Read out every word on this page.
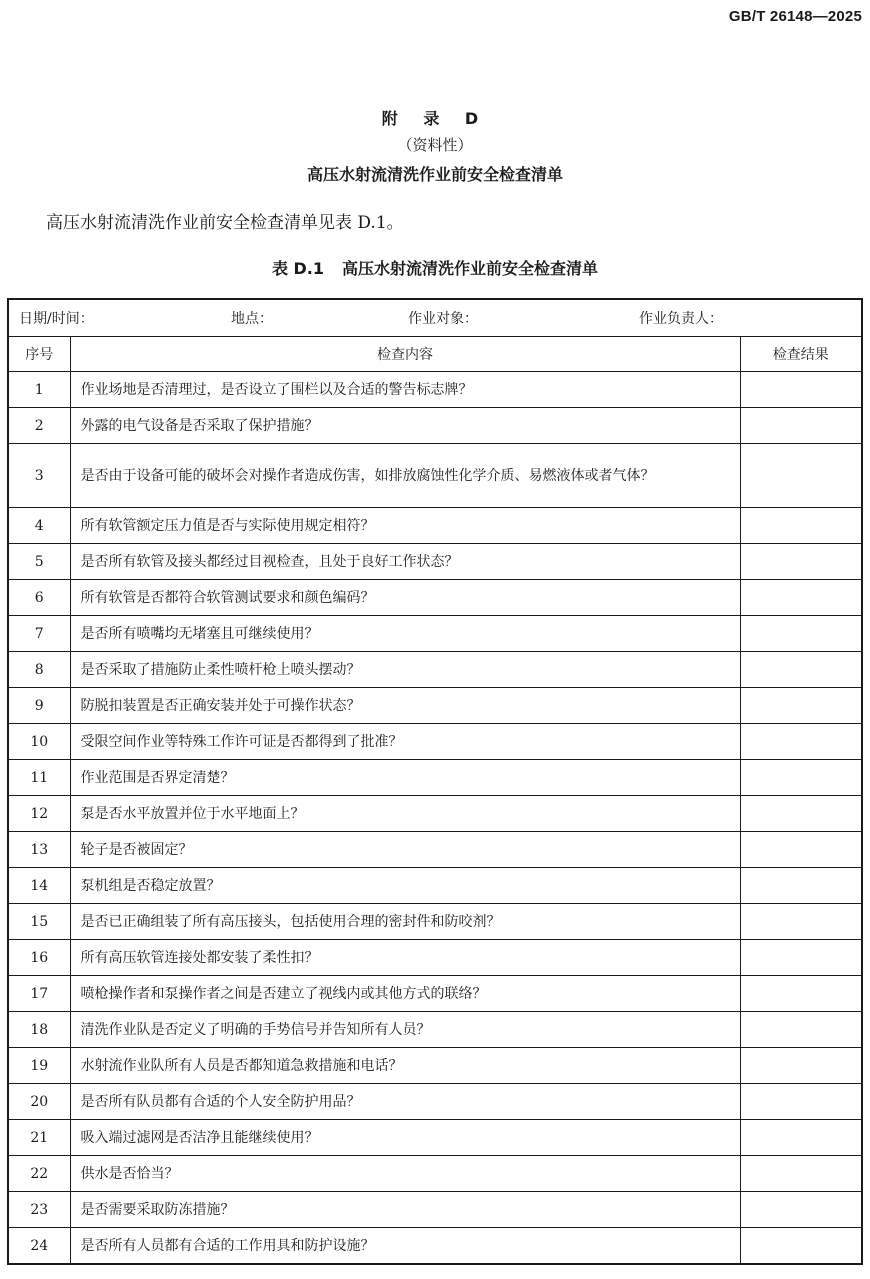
GB/T 26148—2025
附 录 D
（资料性）
高压水射流清洗作业前安全检查清单
高压水射流清洗作业前安全检查清单见表 D.1。
表 D.1 高压水射流清洗作业前安全检查清单
日期/时间： 地点： 作业对象： 作业负责人：		

序号	检查内容	检查结果
1	作业场地是否清理过，是否设立了围栏以及合适的警告标志牌？	
2	外露的电气设备是否采取了保护措施？	
3	是否由于设备可能的破坏会对操作者造成伤害，如排放腐蚀性化学介质、易燃液体或者气体？	
4	所有软管额定压力值是否与实际使用规定相符？	
5	是否所有软管及接头都经过目视检查，且处于良好工作状态？	
6	所有软管是否都符合软管测试要求和颜色编码？	
7	是否所有喷嘴均无堵塞且可继续使用？	
8	是否采取了措施防止柔性喷杆枪上喷头摆动？	
9	防脱扣装置是否正确安装并处于可操作状态？	
10	受限空间作业等特殊工作许可证是否都得到了批准？	
11	作业范围是否界定清楚？	
12	泵是否水平放置并位于水平地面上？	
13	轮子是否被固定？	
14	泵机组是否稳定放置？	
15	是否已正确组装了所有高压接头，包括使用合理的密封件和防咬剂？	
16	所有高压软管连接处都安装了柔性扣？	
17	喷枪操作者和泵操作者之间是否建立了视线内或其他方式的联络？	
18	清洗作业队是否定义了明确的手势信号并告知所有人员？	
19	水射流作业队所有人员是否都知道急救措施和电话？	
20	是否所有队员都有合适的个人安全防护用品？	
21	吸入端过滤网是否洁净且能继续使用？	
22	供水是否恰当？	
23	是否需要采取防冻措施？	
24	是否所有人员都有合适的工作用具和防护设施？	
